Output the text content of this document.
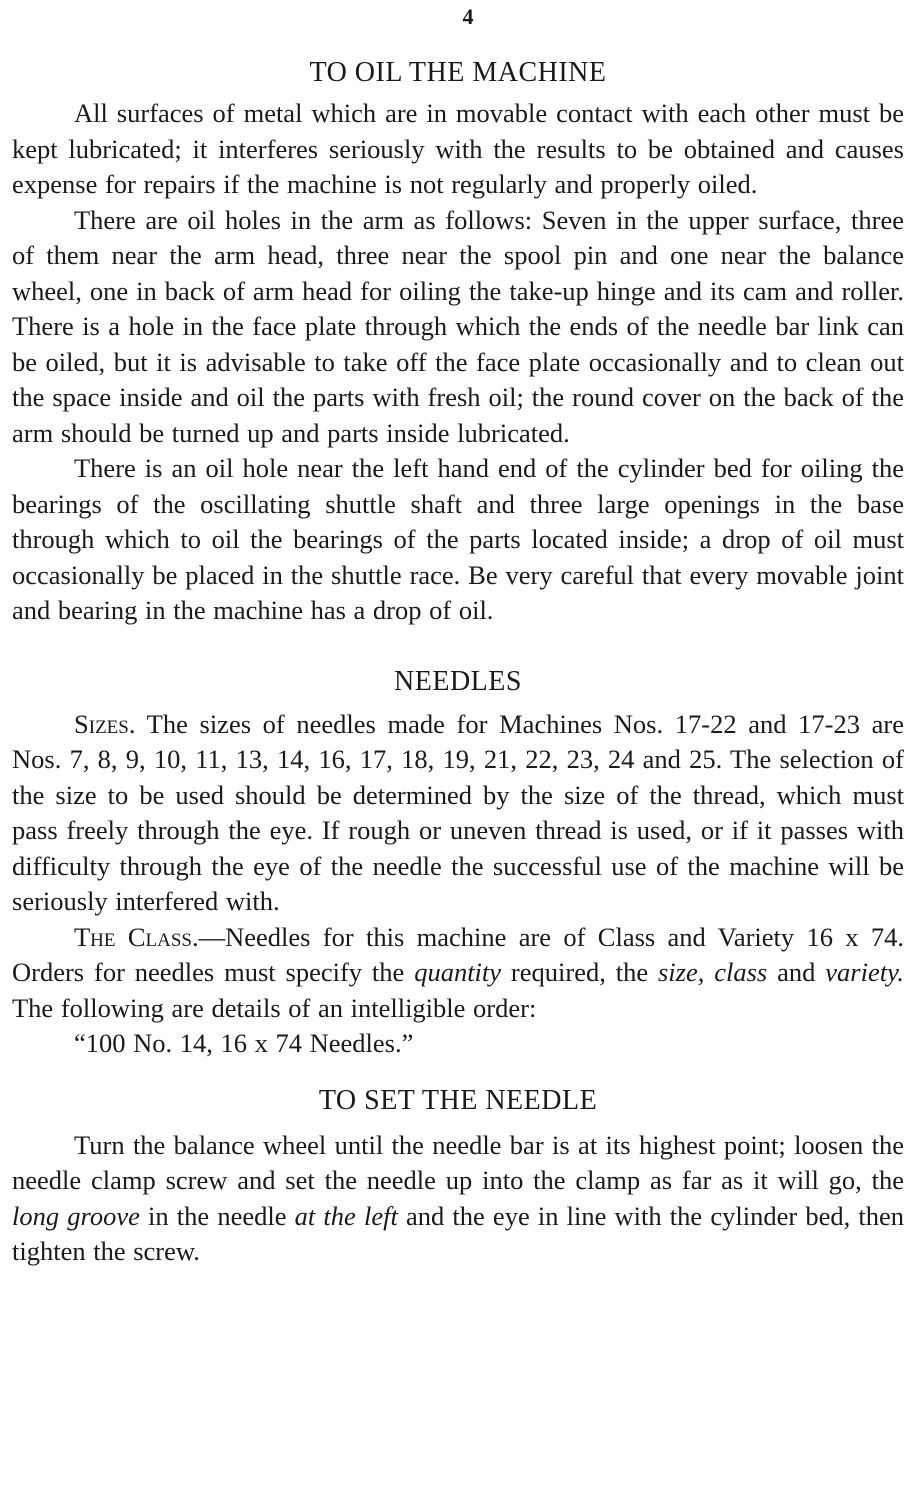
4
TO OIL THE MACHINE

All surfaces of metal which are in movable contact with each other must be kept lubricated; it interferes seriously with the results to be obtained and causes expense for repairs if the machine is not regularly and properly oiled.

There are oil holes in the arm as follows: Seven in the upper surface, three of them near the arm head, three near the spool pin and one near the balance wheel, one in back of arm head for oiling the take-up hinge and its cam and roller. There is a hole in the face plate through which the ends of the needle bar link can be oiled, but it is advisable to take off the face plate occasionally and to clean out the space inside and oil the parts with fresh oil; the round cover on the back of the arm should be turned up and parts inside lubricated.

There is an oil hole near the left hand end of the cylinder bed for oiling the bearings of the oscillating shuttle shaft and three large openings in the base through which to oil the bearings of the parts located inside; a drop of oil must occasionally be placed in the shuttle race. Be very careful that every movable joint and bearing in the machine has a drop of oil.

NEEDLES

Sizes. The sizes of needles made for Machines Nos. 17-22 and 17-23 are Nos. 7, 8, 9, 10, 11, 13, 14, 16, 17, 18, 19, 21, 22, 23, 24 and 25. The selection of the size to be used should be determined by the size of the thread, which must pass freely through the eye. If rough or uneven thread is used, or if it passes with difficulty through the eye of the needle the successful use of the machine will be seriously interfered with.

The Class.—Needles for this machine are of Class and Variety 16 x 74. Orders for needles must specify the quantity required, the size, class and variety. The following are details of an intelligible order:

“100 No. 14, 16 x 74 Needles.”

TO SET THE NEEDLE

Turn the balance wheel until the needle bar is at its highest point; loosen the needle clamp screw and set the needle up into the clamp as far as it will go, the long groove in the needle at the left and the eye in line with the cylinder bed, then tighten the screw.
